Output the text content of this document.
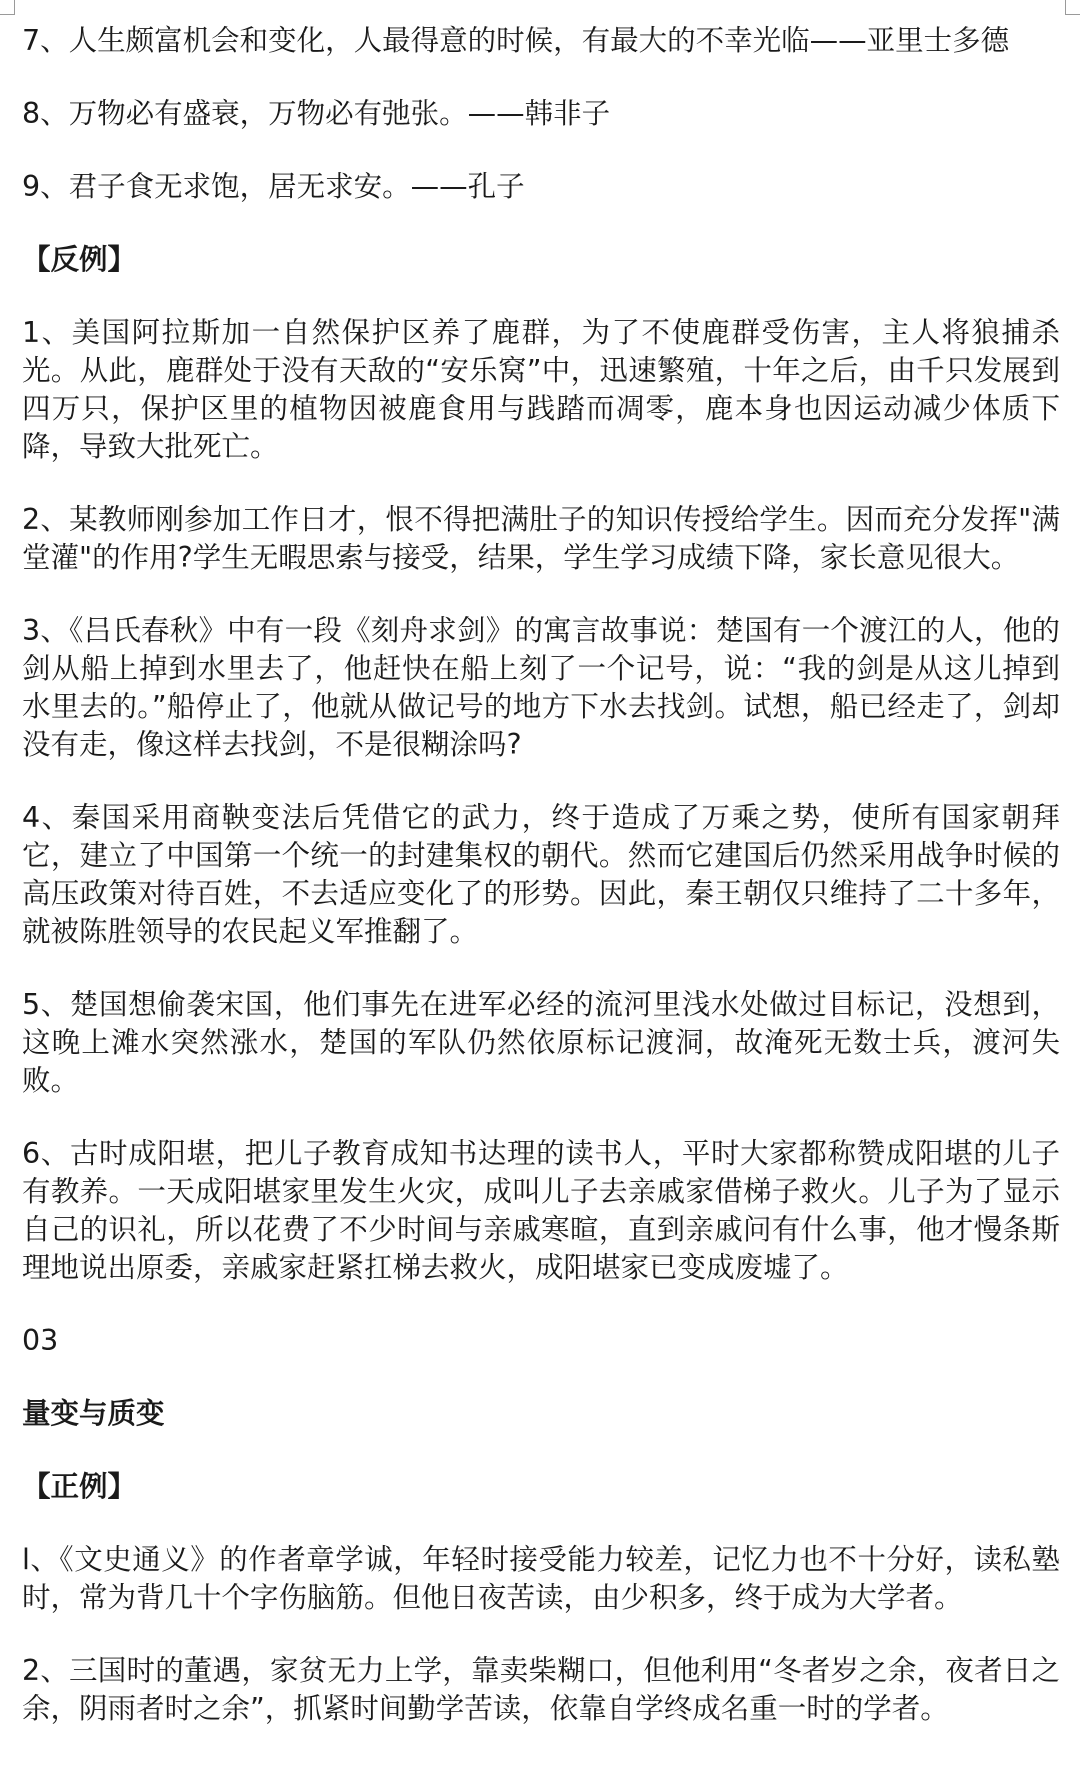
7、人生颇富机会和变化，人最得意的时候，有最大的不幸光临——亚里士多德

8、万物必有盛衰，万物必有弛张。——韩非子

9、君子食无求饱，居无求安。——孔子

【反例】

1、美国阿拉斯加一自然保护区养了鹿群，为了不使鹿群受伤害，主人将狼捕杀光。从此，鹿群处于没有天敌的“安乐窝”中，迅速繁殖，十年之后，由千只发展到四万只，保护区里的植物因被鹿食用与践踏而凋零，鹿本身也因运动减少体质下降，导致大批死亡。

2、某教师刚参加工作日才，恨不得把满肚子的知识传授给学生。因而充分发挥"满堂灌"的作用?学生无暇思索与接受，结果，学生学习成绩下降，家长意见很大。

3、《吕氏春秋》中有一段《刻舟求剑》的寓言故事说：楚国有一个渡江的人，他的剑从船上掉到水里去了，他赶快在船上刻了一个记号，说：“我的剑是从这儿掉到水里去的。”船停止了，他就从做记号的地方下水去找剑。试想，船已经走了，剑却没有走，像这样去找剑，不是很糊涂吗?

4、秦国采用商鞅变法后凭借它的武力，终于造成了万乘之势，使所有国家朝拜它，建立了中国第一个统一的封建集权的朝代。然而它建国后仍然采用战争时候的高压政策对待百姓，不去适应变化了的形势。因此，秦王朝仅只维持了二十多年，就被陈胜领导的农民起义军推翻了。

5、楚国想偷袭宋国，他们事先在进军必经的流河里浅水处做过目标记，没想到，这晚上滩水突然涨水，楚国的军队仍然依原标记渡洞，故淹死无数士兵，渡河失败。

6、古时成阳堪，把儿子教育成知书达理的读书人，平时大家都称赞成阳堪的儿子有教养。一天成阳堪家里发生火灾，成叫儿子去亲戚家借梯子救火。儿子为了显示自己的识礼，所以花费了不少时间与亲戚寒暄，直到亲戚问有什么事，他才慢条斯理地说出原委，亲戚家赶紧扛梯去救火，成阳堪家已变成废墟了。

03

量变与质变

【正例】

l、《文史通义》的作者章学诚，年轻时接受能力较差，记忆力也不十分好，读私塾时，常为背几十个字伤脑筋。但他日夜苦读，由少积多，终于成为大学者。

2、三国时的董遇，家贫无力上学，靠卖柴糊口，但他利用“冬者岁之余，夜者日之余，阴雨者时之余”，抓紧时间勤学苦读，依靠自学终成名重一时的学者。
